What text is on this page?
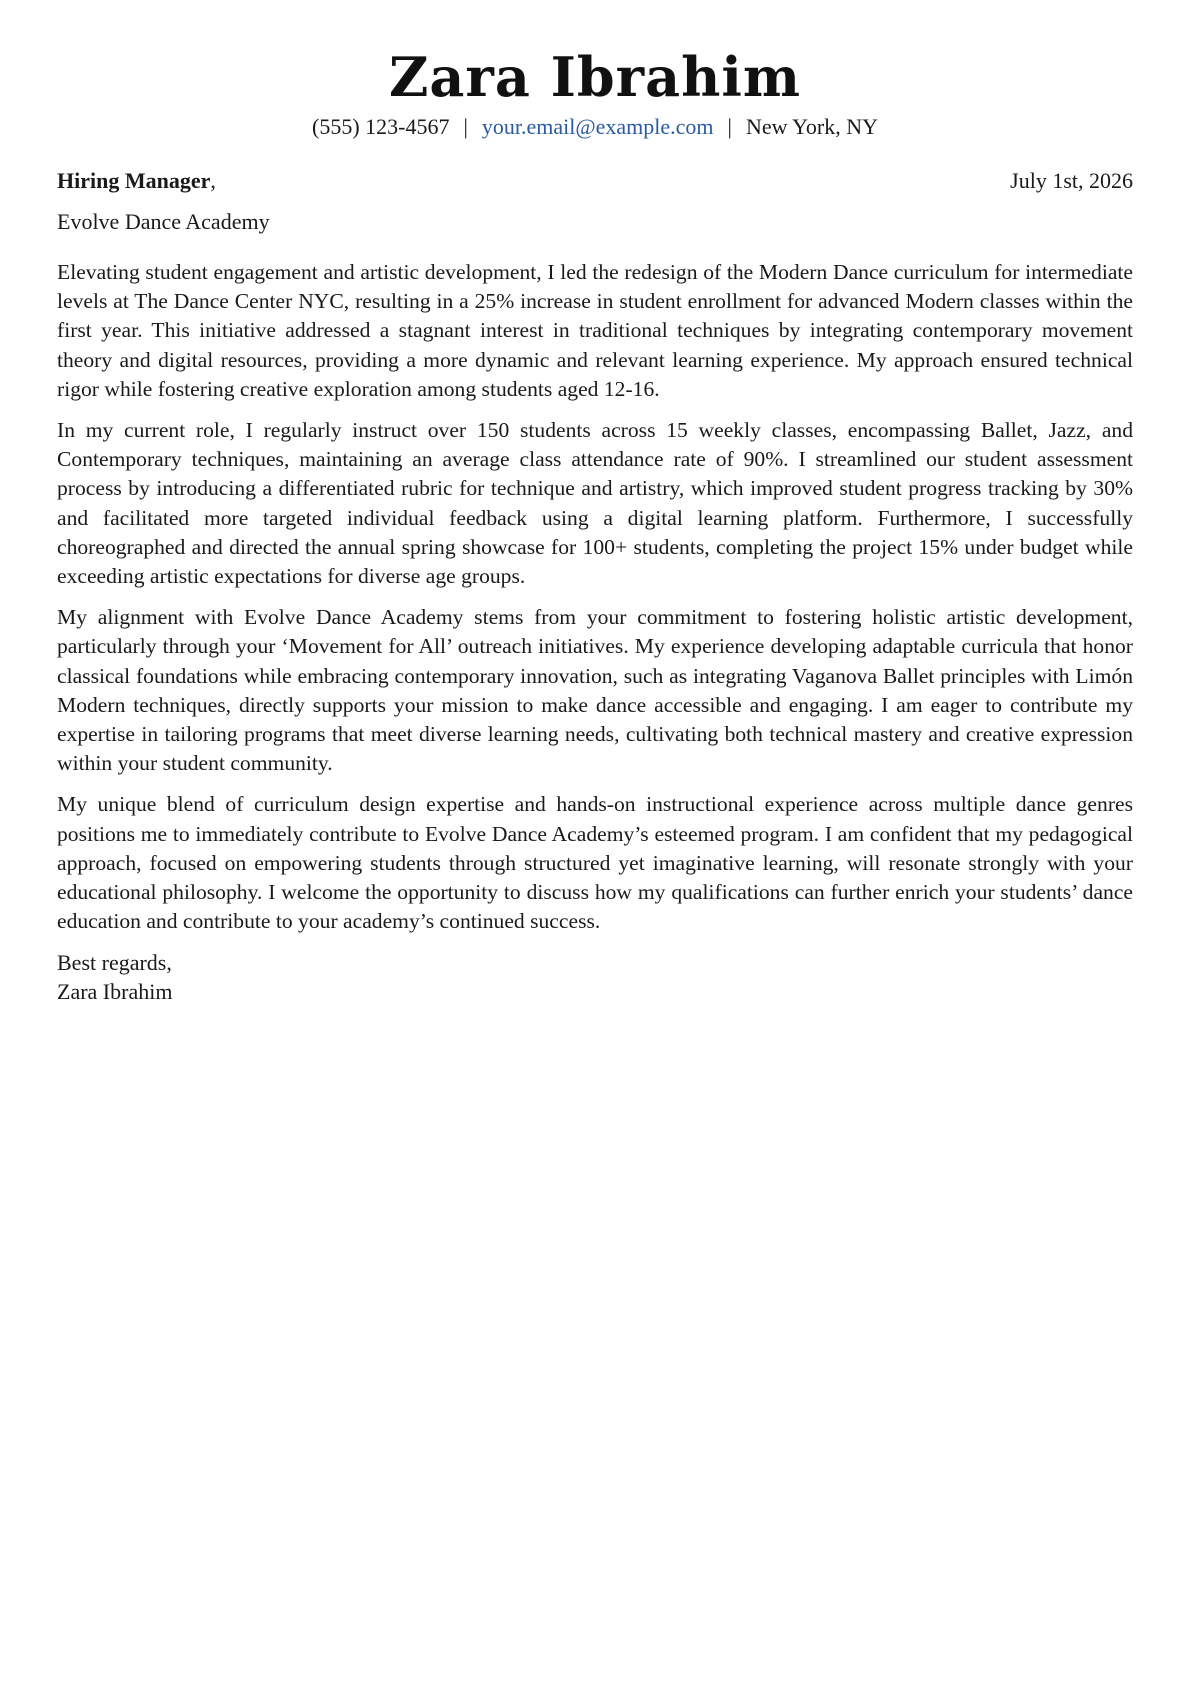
Zara Ibrahim
(555) 123-4567 | your.email@example.com | New York, NY
Hiring Manager,	July 1st, 2026
Evolve Dance Academy

Elevating student engagement and artistic development, I led the redesign of the Modern Dance curriculum for intermediate levels at The Dance Center NYC, resulting in a 25% increase in student enrollment for advanced Modern classes within the first year. This initiative addressed a stagnant interest in traditional techniques by integrating contemporary movement theory and digital resources, providing a more dynamic and relevant learning experience. My approach ensured technical rigor while fostering creative exploration among students aged 12-16.

In my current role, I regularly instruct over 150 students across 15 weekly classes, encompassing Ballet, Jazz, and Contemporary techniques, maintaining an average class attendance rate of 90%. I streamlined our student assessment process by introducing a differentiated rubric for technique and artistry, which improved student progress tracking by 30% and facilitated more targeted individual feedback using a digital learning platform. Furthermore, I successfully choreographed and directed the annual spring showcase for 100+ students, completing the project 15% under budget while exceeding artistic expectations for diverse age groups.

My alignment with Evolve Dance Academy stems from your commitment to fostering holistic artistic development, particularly through your ‘Movement for All’ outreach initiatives. My experience developing adaptable curricula that honor classical foundations while embracing contemporary innovation, such as integrating Vaganova Ballet principles with Limón Modern techniques, directly supports your mission to make dance accessible and engaging. I am eager to contribute my expertise in tailoring programs that meet diverse learning needs, cultivating both technical mastery and creative expression within your student community.

My unique blend of curriculum design expertise and hands-on instructional experience across multiple dance genres positions me to immediately contribute to Evolve Dance Academy’s esteemed program. I am confident that my pedagogical approach, focused on empowering students through structured yet imaginative learning, will resonate strongly with your educational philosophy. I welcome the opportunity to discuss how my qualifications can further enrich your students’ dance education and contribute to your academy’s continued success.

Best regards,
Zara Ibrahim
